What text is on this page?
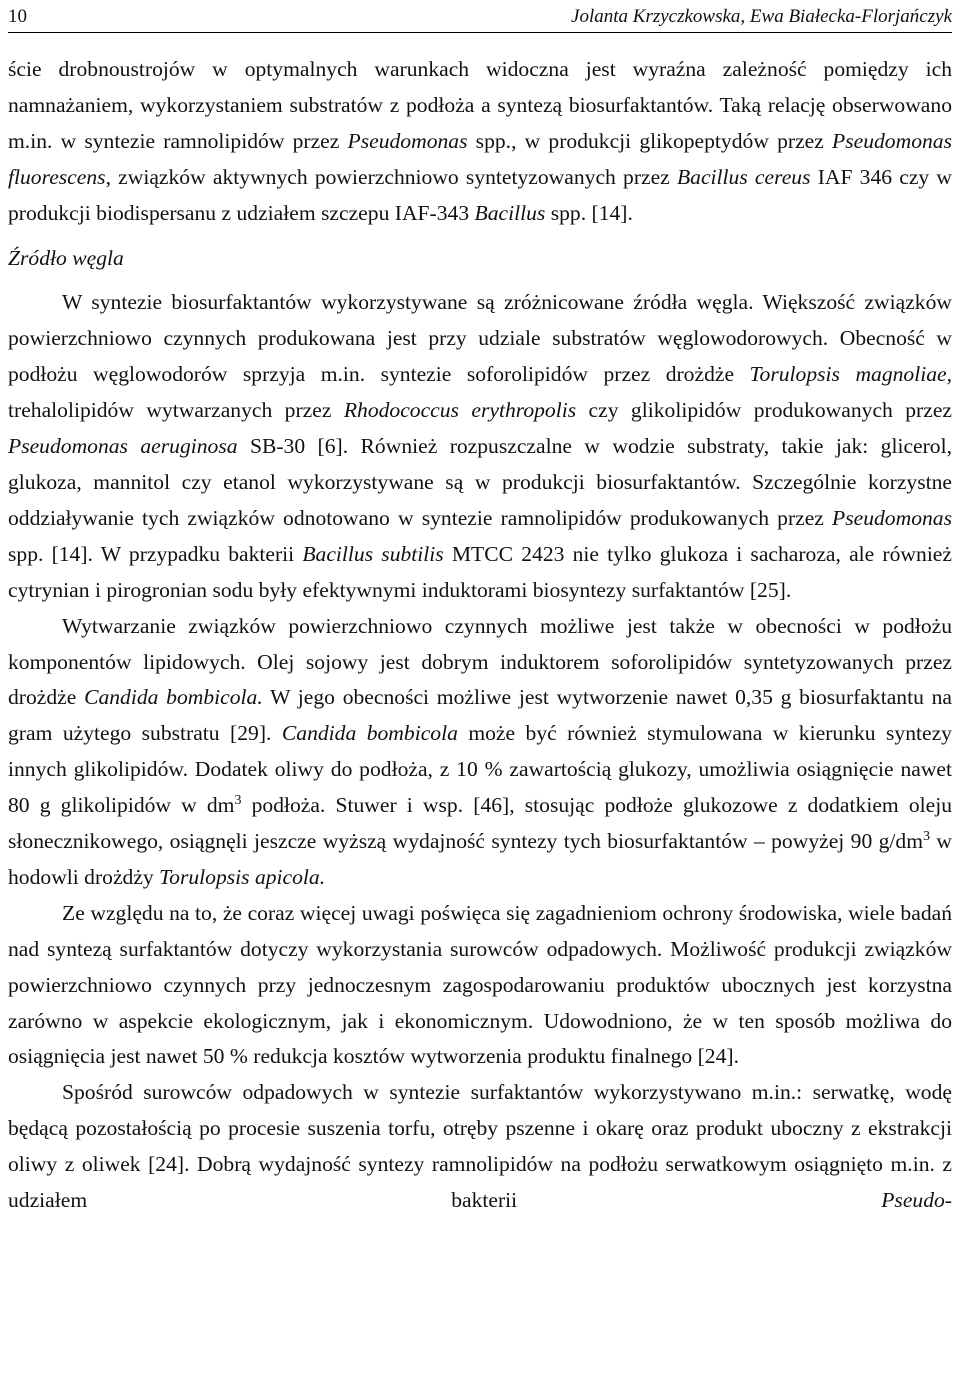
10	Jolanta Krzyczkowska, Ewa Białecka-Florjańczyk

ście drobnoustrojów w optymalnych warunkach widoczna jest wyraźna zależność pomiędzy ich namnażaniem, wykorzystaniem substratów z podłoża a syntezą biosurfaktantów. Taką relację obserwowano m.in. w syntezie ramnolipidów przez Pseudomonas spp., w produkcji glikopeptydów przez Pseudomonas fluorescens, związków aktywnych powierzchniowo syntetyzowanych przez Bacillus cereus IAF 346 czy w produkcji biodispersanu z udziałem szczepu IAF-343 Bacillus spp. [14].

Źródło węgla

W syntezie biosurfaktantów wykorzystywane są zróżnicowane źródła węgla. Większość związków powierzchniowo czynnych produkowana jest przy udziale substratów węglowodorowych. Obecność w podłożu węglowodorów sprzyja m.in. syntezie soforolipidów przez drożdże Torulopsis magnoliae, trehalolipidów wytwarzanych przez Rhodococcus erythropolis czy glikolipidów produkowanych przez Pseudomonas aeruginosa SB-30 [6]. Również rozpuszczalne w wodzie substraty, takie jak: glicerol, glukoza, mannitol czy etanol wykorzystywane są w produkcji biosurfaktantów. Szczególnie korzystne oddziaływanie tych związków odnotowano w syntezie ramnolipidów produkowanych przez Pseudomonas spp. [14]. W przypadku bakterii Bacillus subtilis MTCC 2423 nie tylko glukoza i sacharoza, ale również cytrynian i pirogronian sodu były efektywnymi induktorami biosyntezy surfaktantów [25].

Wytwarzanie związków powierzchniowo czynnych możliwe jest także w obecności w podłożu komponentów lipidowych. Olej sojowy jest dobrym induktorem soforolipidów syntetyzowanych przez drożdże Candida bombicola. W jego obecności możliwe jest wytworzenie nawet 0,35 g biosurfaktantu na gram użytego substratu [29]. Candida bombicola może być również stymulowana w kierunku syntezy innych glikolipidów. Dodatek oliwy do podłoża, z 10 % zawartością glukozy, umożliwia osiągnięcie nawet 80 g glikolipidów w $dm^3$ podłoża. Stuwer i wsp. [46], stosując podłoże glukozowe z dodatkiem oleju słonecznikowego, osiągnęli jeszcze wyższą wydajność syntezy tych biosurfaktantów – powyżej 90 $g/dm^3$ w hodowli drożdży Torulopsis apicola.

Ze względu na to, że coraz więcej uwagi poświęca się zagadnieniom ochrony środowiska, wiele badań nad syntezą surfaktantów dotyczy wykorzystania surowców odpadowych. Możliwość produkcji związków powierzchniowo czynnych przy jednoczesnym zagospodarowaniu produktów ubocznych jest korzystna zarówno w aspekcie ekologicznym, jak i ekonomicznym. Udowodniono, że w ten sposób możliwa do osiągnięcia jest nawet 50 % redukcja kosztów wytworzenia produktu finalnego [24].

Spośród surowców odpadowych w syntezie surfaktantów wykorzystywano m.in.: serwatkę, wodę będącą pozostałością po procesie suszenia torfu, otręby pszenne i okarę oraz produkt uboczny z ekstrakcji oliwy z oliwek [24]. Dobrą wydajność syntezy ramnolipidów na podłożu serwatkowym osiągnięto m.in. z udziałem bakterii Pseudo-
